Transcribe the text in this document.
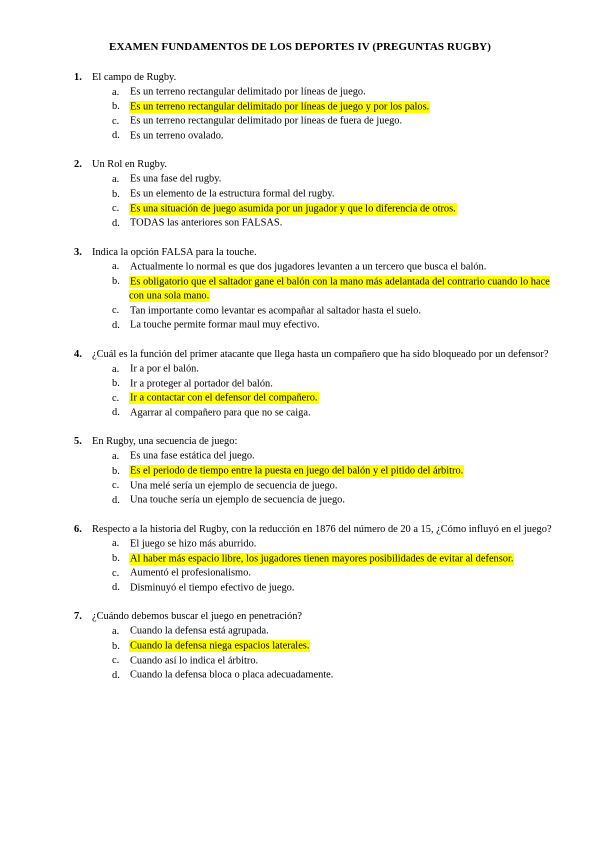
EXAMEN FUNDAMENTOS DE LOS DEPORTES IV (PREGUNTAS RUGBY)
1. El campo de Rugby.
a.	Es un terreno rectangular delimitado por líneas de juego.
b. Es un terreno rectangular delimitado por líneas de juego y por los palos.
c.	Es un terreno rectangular delimitado por líneas de fuera de juego.
d. Es un terreno ovalado.
2. Un Rol en Rugby.
a.	Es una fase del rugby.
b. Es un elemento de la estructura formal del rugby.
c.	Es una situación de juego asumida por un jugador y que lo diferencia de otros.
d. TODAS las anteriores son FALSAS.
3. Indica la opción FALSA para la touche.
a.	Actualmente lo normal es que dos jugadores levanten a un tercero que busca el balón.
b. Es obligatorio que el saltador gane el balón con la mano más adelantada del contrario cuando lo hace con una sola mano.
c.	Tan importante como levantar es acompañar al saltador hasta el suelo.
d. La touche permite formar maul muy efectivo.
4. ¿Cuál es la función del primer atacante que llega hasta un compañero que ha sido bloqueado por un defensor?
a.	Ir a por el balón.
b. Ir a proteger al portador del balón.
c.	Ir a contactar con el defensor del compañero.
d. Agarrar al compañero para que no se caiga.
5. En Rugby, una secuencia de juego:
a.	Es una fase estática del juego.
b. Es el periodo de tiempo entre la puesta en juego del balón y el pitido del árbitro.
c.	Una melé sería un ejemplo de secuencia de juego.
d. Una touche sería un ejemplo de secuencia de juego.
6. Respecto a la historia del Rugby, con la reducción en 1876 del número de 20 a 15, ¿Cómo influyó en el juego?
a.	El juego se hizo más aburrido.
b. Al haber más espacio libre, los jugadores tienen mayores posibilidades de evitar al defensor.
c.	Aumentó el profesionalismo.
d. Disminuyó el tiempo efectivo de juego.
7. ¿Cuándo debemos buscar el juego en penetración?
a.	Cuando la defensa está agrupada.
b. Cuando la defensa niega espacios laterales.
c.	Cuando así lo indica el árbitro.
d. Cuando la defensa bloca o placa adecuadamente.
